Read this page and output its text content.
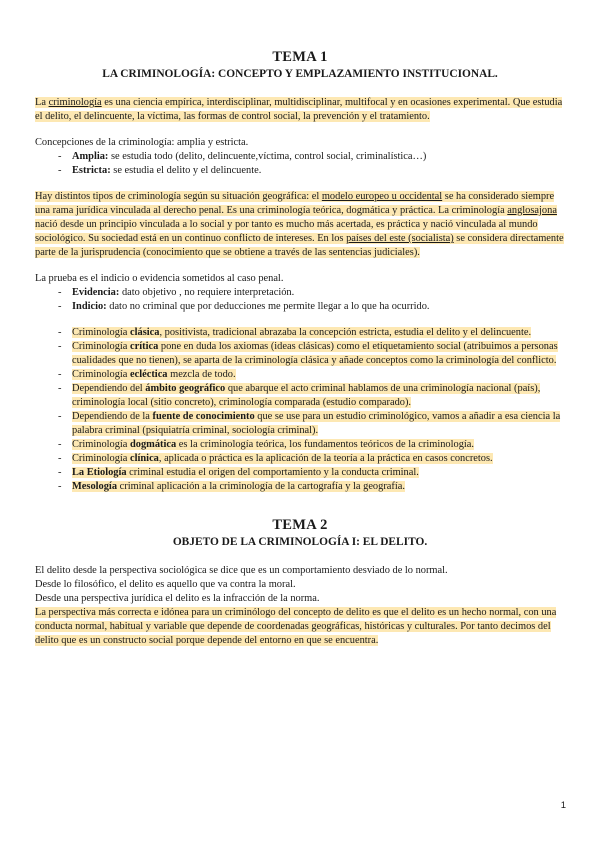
TEMA 1
LA CRIMINOLOGÍA: CONCEPTO Y EMPLAZAMIENTO INSTITUCIONAL.

La criminología es una ciencia empírica, interdisciplinar, multidisciplinar, multifocal y en ocasiones experimental. Que estudia el delito, el delincuente, la víctima, las formas de control social, la prevención y el tratamiento.

Concepciones de la criminología: amplia y estricta.

- Amplia: se estudia todo (delito, delincuente,víctima, control social, criminalística…)
- Estricta: se estudia el delito y el delincuente.

Hay distintos tipos de criminología según su situación geográfica: el modelo europeo u occidental se ha considerado siempre una rama jurídica vinculada al derecho penal. Es una criminología teórica, dogmática y práctica. La criminología anglosajona nació desde un principio vinculada a lo social y por tanto es mucho más acertada, es práctica y nació vinculada al mundo sociológico. Su sociedad está en un continuo conflicto de intereses. En los países del este (socialista) se considera directamente parte de la jurisprudencia (conocimiento que se obtiene a través de las sentencias judiciales).

La prueba es el indicio o evidencia sometidos al caso penal.

- Evidencia: dato objetivo , no requiere interpretación.
- Indicio: dato no criminal que por deducciones me permite llegar a lo que ha ocurrido.
- Criminología clásica, positivista, tradicional abrazaba la concepción estricta, estudia el delito y el delincuente.
- Criminología crítica pone en duda los axiomas (ideas clásicas) como el etiquetamiento social (atribuimos a personas cualidades que no tienen), se aparta de la criminología clásica y añade conceptos como la criminología del conflicto.
- Criminología ecléctica mezcla de todo.
- Dependiendo del ámbito geográfico que abarque el acto criminal hablamos de una criminología nacional (país), criminología local (sitio concreto), criminología comparada (estudio comparado).
- Dependiendo de la fuente de conocimiento que se use para un estudio criminológico, vamos a añadir a esa ciencia la palabra criminal (psiquiatría criminal, sociología criminal).
- Criminología dogmática es la criminología teórica, los fundamentos teóricos de la criminología.
- Criminología clínica, aplicada o práctica es la aplicación de la teoría a la práctica en casos concretos.
- La Etiología criminal estudia el origen del comportamiento y la conducta criminal.
- Mesología criminal aplicación a la criminología de la cartografía y la geografía.
TEMA 2
OBJETO DE LA CRIMINOLOGÍA I: EL DELITO.

El delito desde la perspectiva sociológica se dice que es un comportamiento desviado de lo normal.

Desde lo filosófico, el delito es aquello que va contra la moral.

Desde una perspectiva jurídica el delito es la infracción de la norma.

La perspectiva más correcta e idónea para un criminólogo del concepto de delito es que el delito es un hecho normal, con una conducta normal, habitual y variable que depende de coordenadas geográficas, históricas y culturales. Por tanto decimos del delito que es un constructo social porque depende del entorno en que se encuentra.

1
